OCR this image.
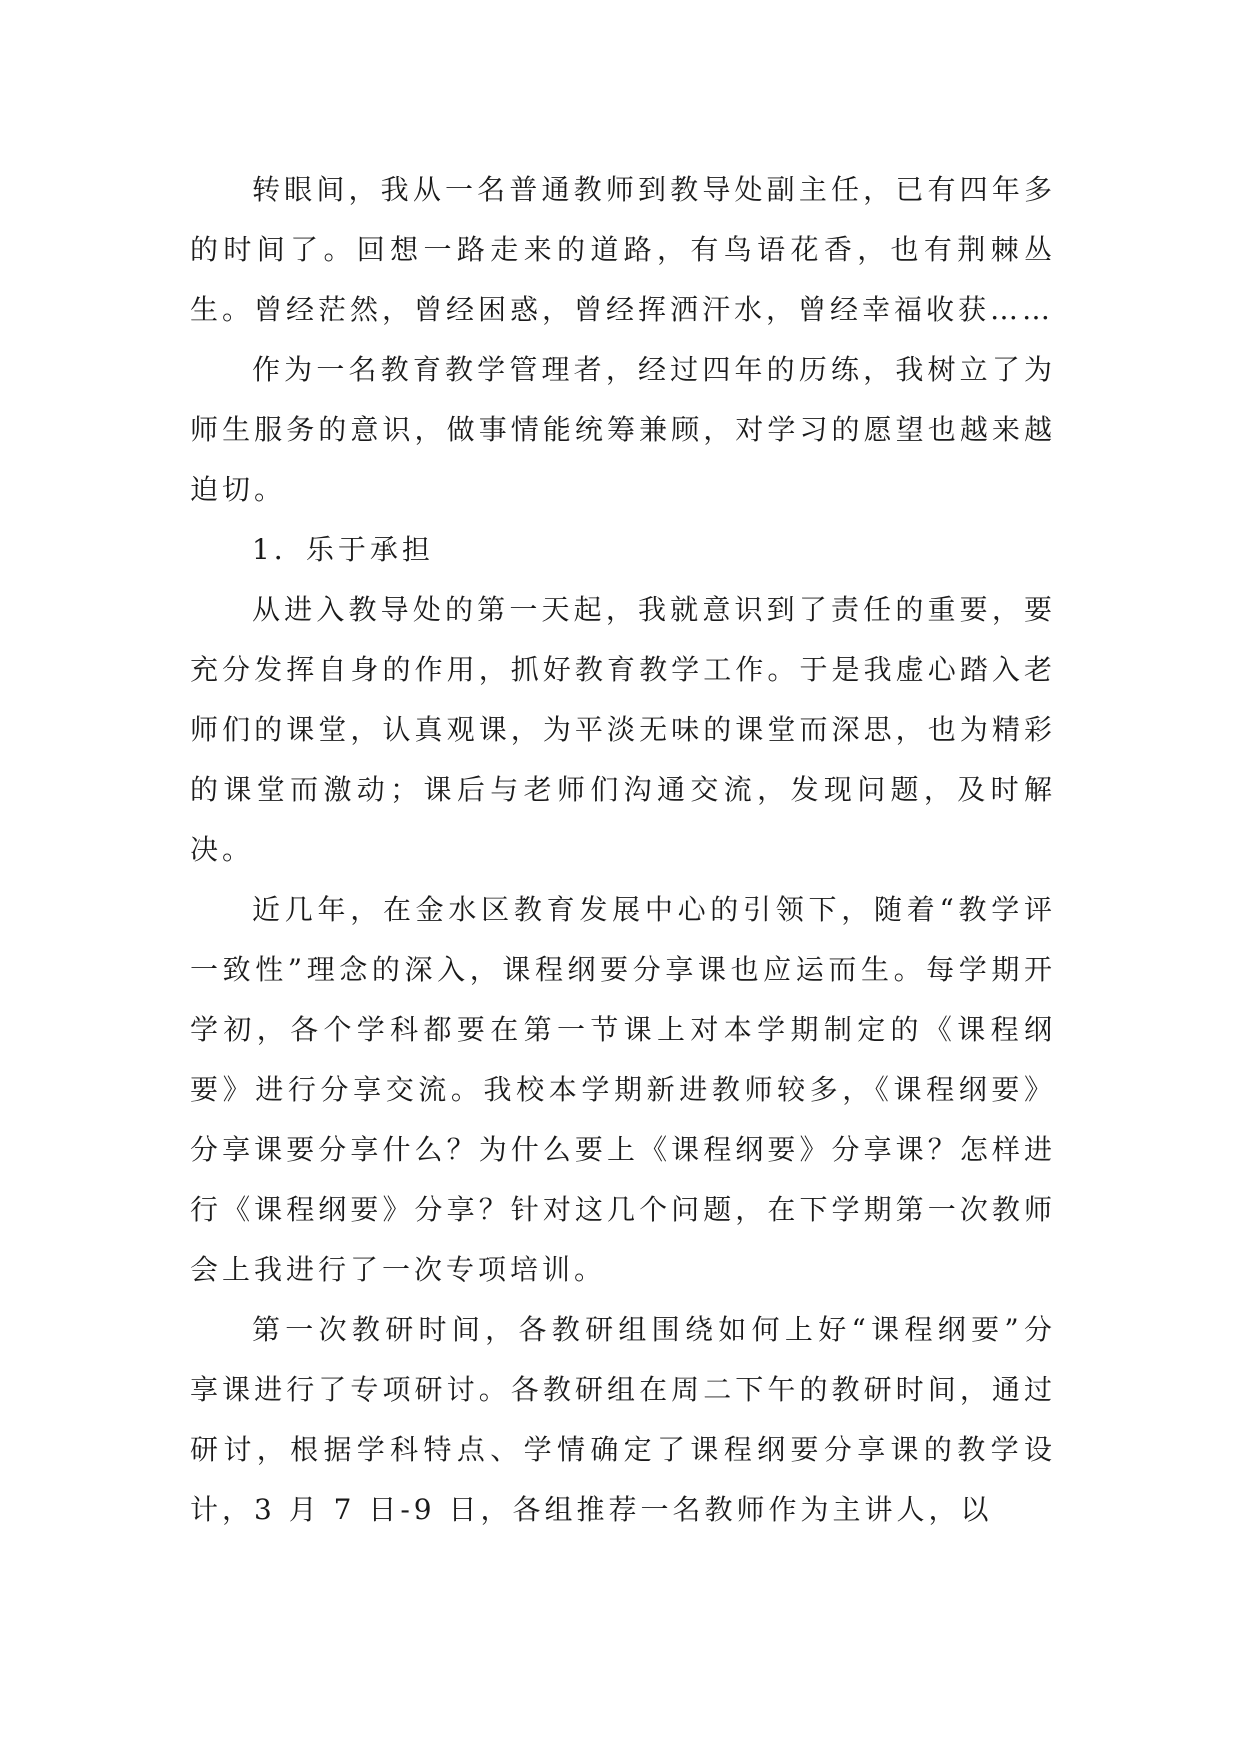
转眼间，我从一名普通教师到教导处副主任，已有四年多的时间了。回想一路走来的道路，有鸟语花香，也有荆棘丛生。曾经茫然，曾经困惑，曾经挥洒汗水，曾经幸福收获……

作为一名教育教学管理者，经过四年的历练，我树立了为师生服务的意识，做事情能统筹兼顾，对学习的愿望也越来越迫切。

1．乐于承担

从进入教导处的第一天起，我就意识到了责任的重要，要充分发挥自身的作用，抓好教育教学工作。于是我虚心踏入老师们的课堂，认真观课，为平淡无味的课堂而深思，也为精彩的课堂而激动；课后与老师们沟通交流，发现问题，及时解决。

近几年，在金水区教育发展中心的引领下，随着“教学评一致性”理念的深入，课程纲要分享课也应运而生。每学期开学初，各个学科都要在第一节课上对本学期制定的《课程纲要》进行分享交流。我校本学期新进教师较多，《课程纲要》分享课要分享什么？为什么要上《课程纲要》分享课？怎样进行《课程纲要》分享？针对这几个问题，在下学期第一次教师会上我进行了一次专项培训。

第一次教研时间，各教研组围绕如何上好“课程纲要”分享课进行了专项研讨。各教研组在周二下午的教研时间，通过研讨，根据学科特点、学情确定了课程纲要分享课的教学设计，3 月 7 日-9 日，各组推荐一名教师作为主讲人，以
